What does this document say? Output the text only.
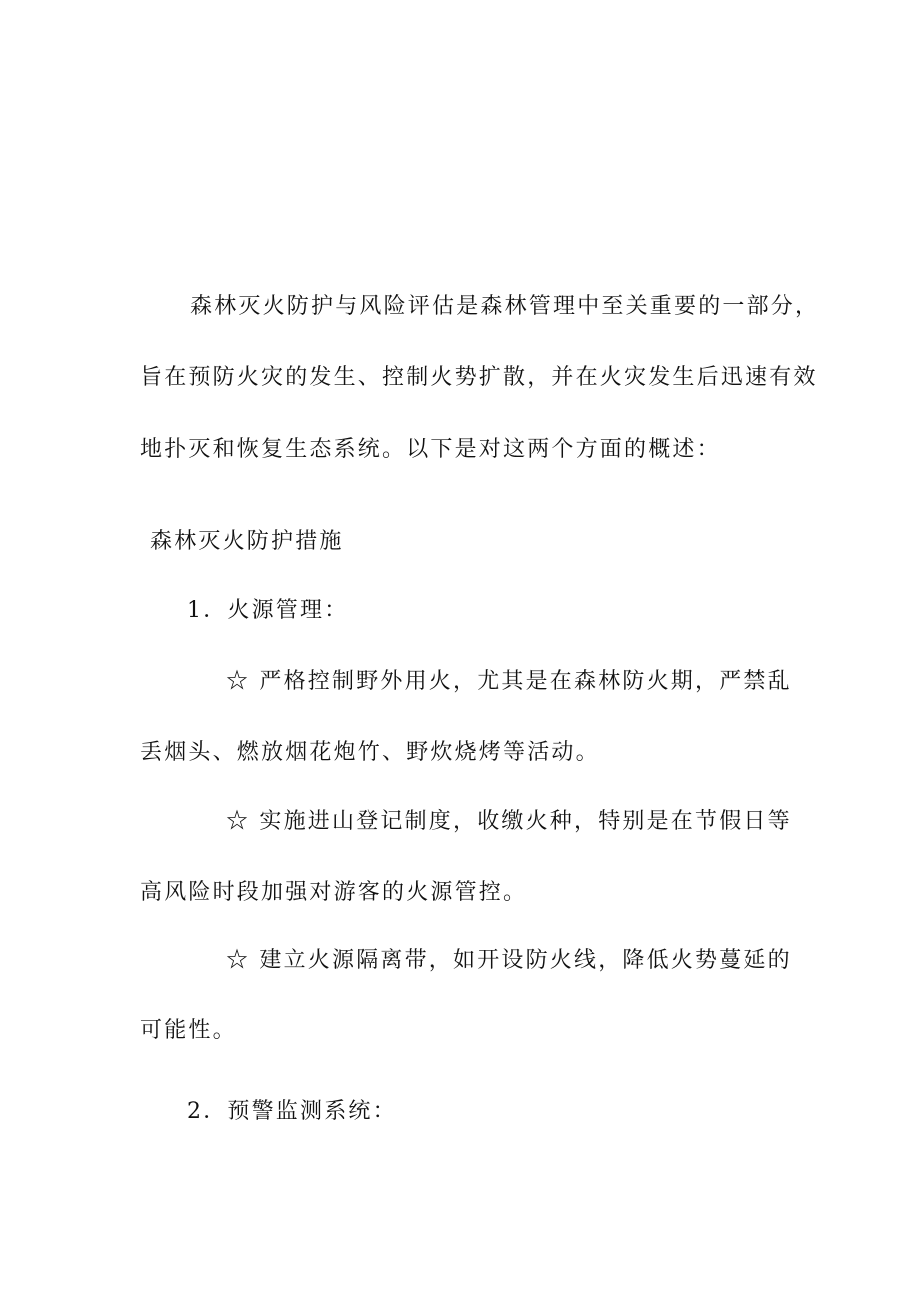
森林灭火防护与风险评估是森林管理中至关重要的一部分，
旨在预防火灾的发生、控制火势扩散，并在火灾发生后迅速有效
地扑灭和恢复生态系统。以下是对这两个方面的概述：
森林灭火防护措施
1．火源管理：
☆ 严格控制野外用火，尤其是在森林防火期，严禁乱
丢烟头、燃放烟花炮竹、野炊烧烤等活动。
☆ 实施进山登记制度，收缴火种，特别是在节假日等
高风险时段加强对游客的火源管控。
☆ 建立火源隔离带，如开设防火线，降低火势蔓延的
可能性。
2．预警监测系统：
